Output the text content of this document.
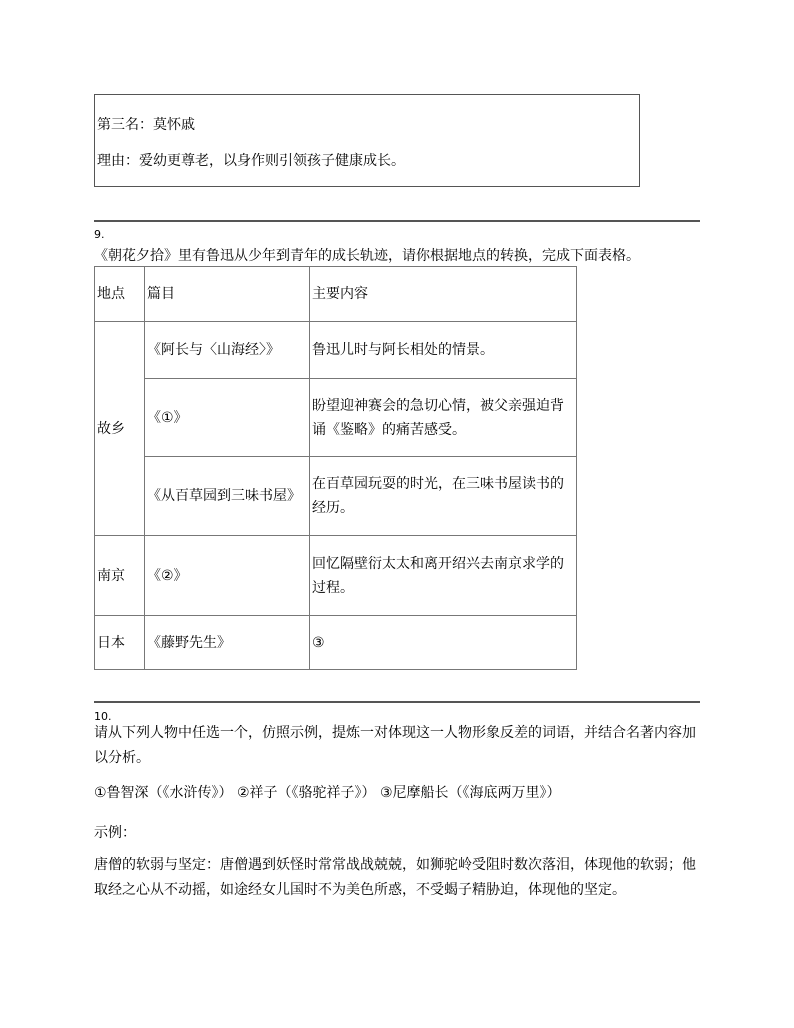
第三名：莫怀戚
理由：爱幼更尊老，以身作则引领孩子健康成长。
9.
《朝花夕拾》里有鲁迅从少年到青年的成长轨迹，请你根据地点的转换，完成下面表格。
地点	篇目	主要内容
故乡	《阿长与〈山海经〉》	鲁迅儿时与阿长相处的情景。
	《①》	盼望迎神赛会的急切心情，被父亲强迫背诵《鉴略》的痛苦感受。
	《从百草园到三味书屋》	在百草园玩耍的时光，在三味书屋读书的经历。
南京	《②》	回忆隔壁衍太太和离开绍兴去南京求学的过程。
日本	《藤野先生》	③
10.
请从下列人物中任选一个，仿照示例，提炼一对体现这一人物形象反差的词语，并结合名著内容加以分析。
①鲁智深（《水浒传》） ②祥子（《骆驼祥子》） ③尼摩船长（《海底两万里》）
示例：
唐僧的软弱与坚定：唐僧遇到妖怪时常常战战兢兢，如狮驼岭受阻时数次落泪，体现他的软弱；他取经之心从不动摇，如途经女儿国时不为美色所惑，不受蝎子精胁迫，体现他的坚定。
